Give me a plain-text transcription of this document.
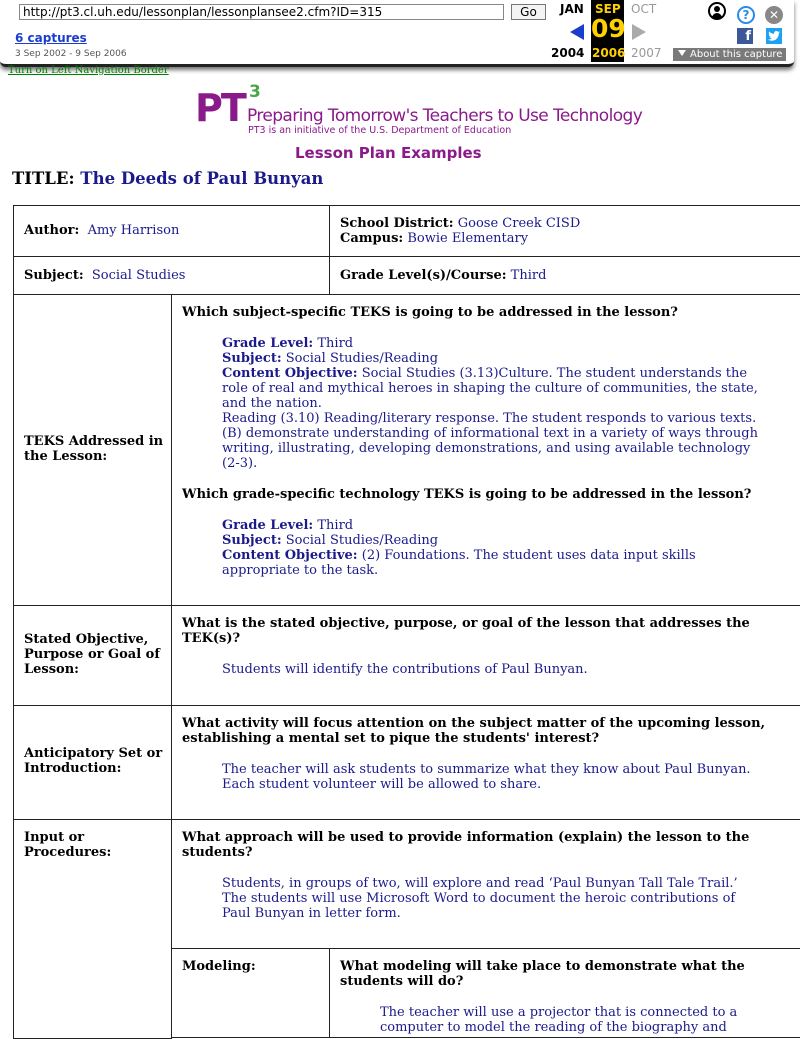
http://pt3.cl.uh.edu/lessonplan/lessonplansee2.cfm?ID=315
Go
6 captures
3 Sep 2002 - 9 Sep 2006
JAN SEP OCT
09
2004 2006 2007
?	✕
f
About this capture
Turn on Left Navigation Border
PT 3
Preparing Tomorrow's Teachers to Use Technology
PT3 is an initiative of the U.S. Department of Education
Lesson Plan Examples
TITLE: The Deeds of Paul Bunyan
Author: Amy Harrison	School District: Goose Creek CISD
Campus: Bowie Elementary
Subject: Social Studies	Grade Level(s)/Course: Third
TEKS Addressed in the Lesson:
Which subject-specific TEKS is going to be addressed in the lesson?
Grade Level: Third
Subject: Social Studies/Reading
Content Objective: Social Studies (3.13)Culture. The student understands the role of real and mythical heroes in shaping the culture of communities, the state, and the nation.
Reading (3.10) Reading/literary response. The student responds to various texts. (B) demonstrate understanding of informational text in a variety of ways through writing, illustrating, developing demonstrations, and using available technology (2-3).
Which grade-specific technology TEKS is going to be addressed in the lesson?
Grade Level: Third
Subject: Social Studies/Reading
Content Objective: (2) Foundations. The student uses data input skills appropriate to the task.
Stated Objective, Purpose or Goal of Lesson:
What is the stated objective, purpose, or goal of the lesson that addresses the TEK(s)?
Students will identify the contributions of Paul Bunyan.
Anticipatory Set or Introduction:
What activity will focus attention on the subject matter of the upcoming lesson, establishing a mental set to pique the students' interest?
The teacher will ask students to summarize what they know about Paul Bunyan. Each student volunteer will be allowed to share.
Input or Procedures:
What approach will be used to provide information (explain) the lesson to the students?
Students, in groups of two, will explore and read ‘Paul Bunyan Tall Tale Trail.’ The students will use Microsoft Word to document the heroic contributions of Paul Bunyan in letter form.
Modeling:	What modeling will take place to demonstrate what the students will do?
The teacher will use a projector that is connected to a computer to model the reading of the biography and
